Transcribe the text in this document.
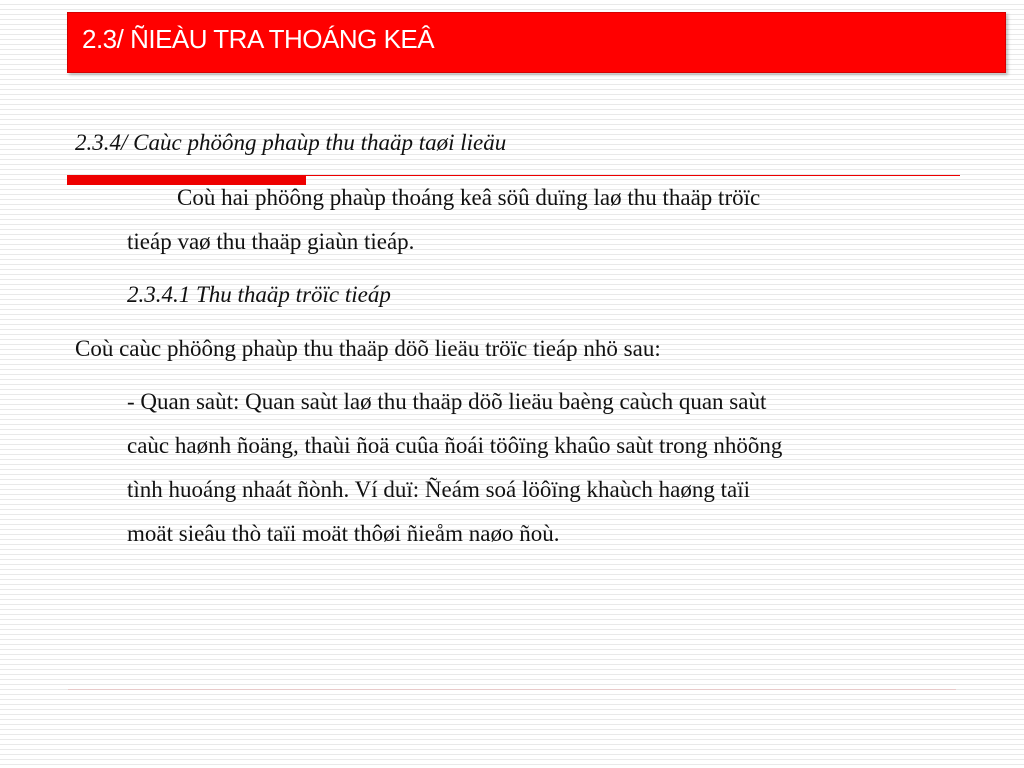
2.3/ ÑIEÀU TRA THOÁNG KEÂ
2.3.4/ Caùc phöông phaùp thu thaäp taøi lieäu
Coù hai phöông phaùp thoáng keâ söû duïng laø thu thaäp tröïc
tieáp vaø thu thaäp giaùn tieáp.
2.3.4.1 Thu thaäp tröïc tieáp
Coù caùc phöông phaùp thu thaäp döõ lieäu tröïc tieáp nhö sau:
- Quan saùt: Quan saùt laø thu thaäp döõ lieäu baèng caùch quan saùt
caùc haønh ñoäng, thaùi ñoä cuûa ñoái töôïng khaûo saùt trong nhöõng
tình huoáng nhaát ñònh. Ví duï: Ñeám soá löôïng khaùch haøng taïi
moät sieâu thò taïi moät thôøi ñieåm naøo ñoù.
